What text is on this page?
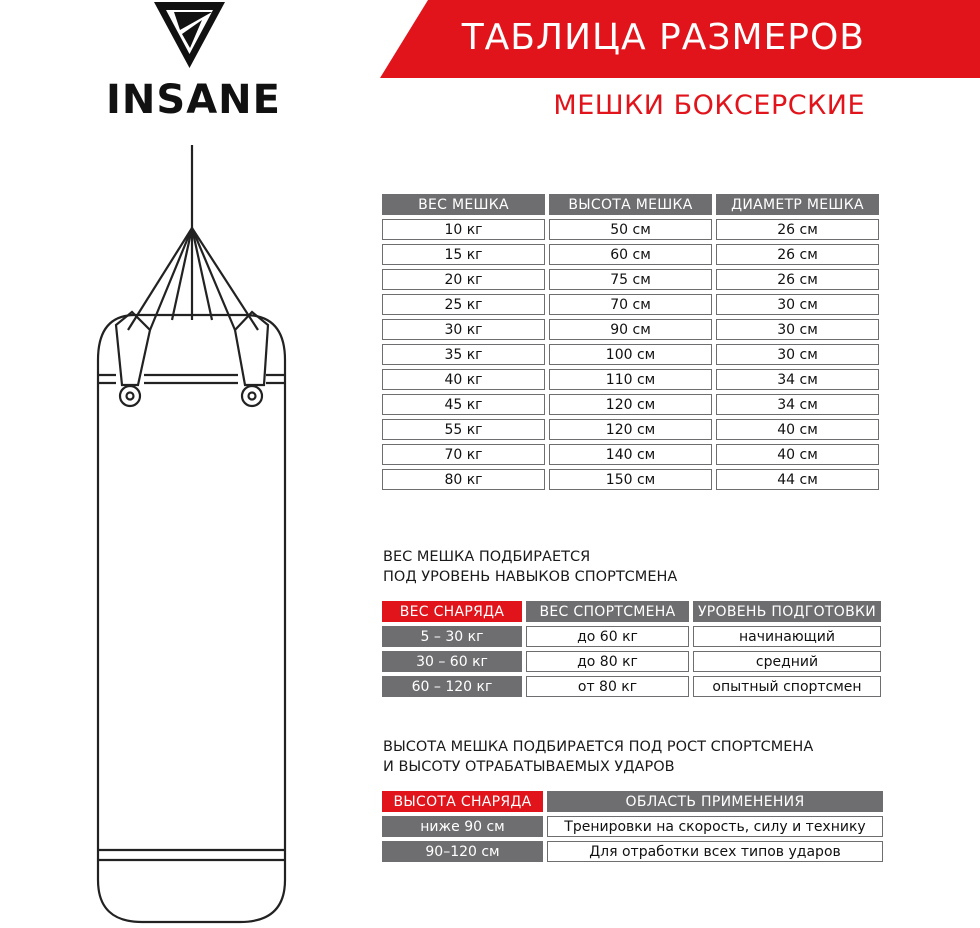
INSANE
ТАБЛИЦА РАЗМЕРОВ
МЕШКИ БОКСЕРСКИЕ
ВЕС МЕШКА	ВЫСОТА МЕШКА	ДИАМЕТР МЕШКА
10 кг	50 см	26 см
15 кг	60 см	26 см
20 кг	75 см	26 см
25 кг	70 см	30 см
30 кг	90 см	30 см
35 кг	100 см	30 см
40 кг	110 см	34 см
45 кг	120 см	34 см
55 кг	120 см	40 см
70 кг	140 см	40 см
80 кг	150 см	44 см
ВЕС МЕШКА ПОДБИРАЕТСЯ
ПОД УРОВЕНЬ НАВЫКОВ СПОРТСМЕНА
ВЕС СНАРЯДА	ВЕС СПОРТСМЕНА	УРОВЕНЬ ПОДГОТОВКИ
5 – 30 кг	до 60 кг	начинающий
30 – 60 кг	до 80 кг	средний
60 – 120 кг	от 80 кг	опытный спортсмен
ВЫСОТА МЕШКА ПОДБИРАЕТСЯ ПОД РОСТ СПОРТСМЕНА
И ВЫСОТУ ОТРАБАТЫВАЕМЫХ УДАРОВ
ВЫСОТА СНАРЯДА	ОБЛАСТЬ ПРИМЕНЕНИЯ
ниже 90 см	Тренировки на скорость, силу и технику
90–120 см	Для отработки всех типов ударов
